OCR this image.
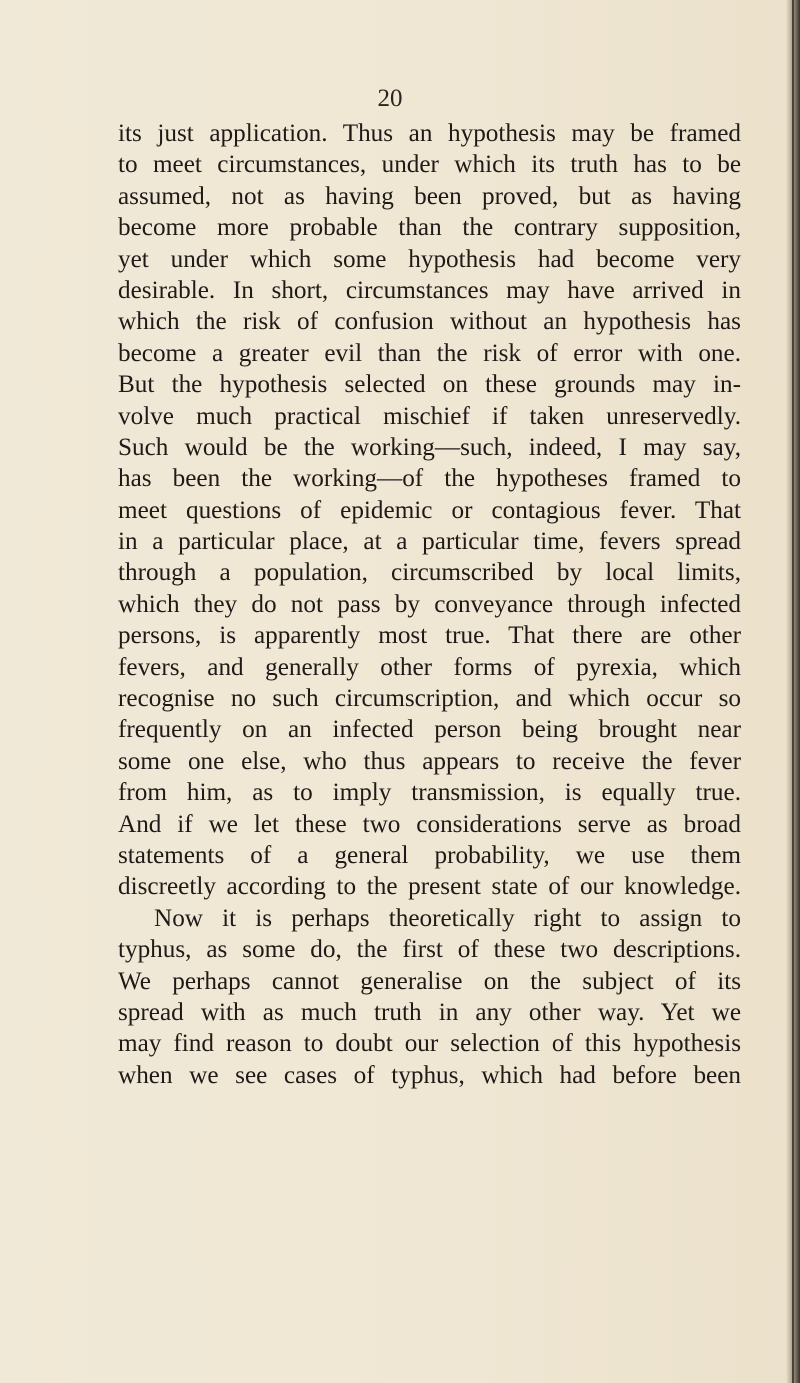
20
its just application. Thus an hypothesis may be framed
to meet circumstances, under which its truth has to be
assumed, not as having been proved, but as having
become more probable than the contrary supposition,
yet under which some hypothesis had become very
desirable. In short, circumstances may have arrived in
which the risk of confusion without an hypothesis has
become a greater evil than the risk of error with one.
But the hypothesis selected on these grounds may in-
volve much practical mischief if taken unreservedly.
Such would be the working—such, indeed, I may say,
has been the working—of the hypotheses framed to
meet questions of epidemic or contagious fever. That
in a particular place, at a particular time, fevers spread
through a population, circumscribed by local limits,
which they do not pass by conveyance through infected
persons, is apparently most true. That there are other
fevers, and generally other forms of pyrexia, which
recognise no such circumscription, and which occur so
frequently on an infected person being brought near
some one else, who thus appears to receive the fever
from him, as to imply transmission, is equally true.
And if we let these two considerations serve as broad
statements of a general probability, we use them
discreetly according to the present state of our knowledge.
Now it is perhaps theoretically right to assign to
typhus, as some do, the first of these two descriptions.
We perhaps cannot generalise on the subject of its
spread with as much truth in any other way. Yet we
may find reason to doubt our selection of this hypothesis
when we see cases of typhus, which had before been
